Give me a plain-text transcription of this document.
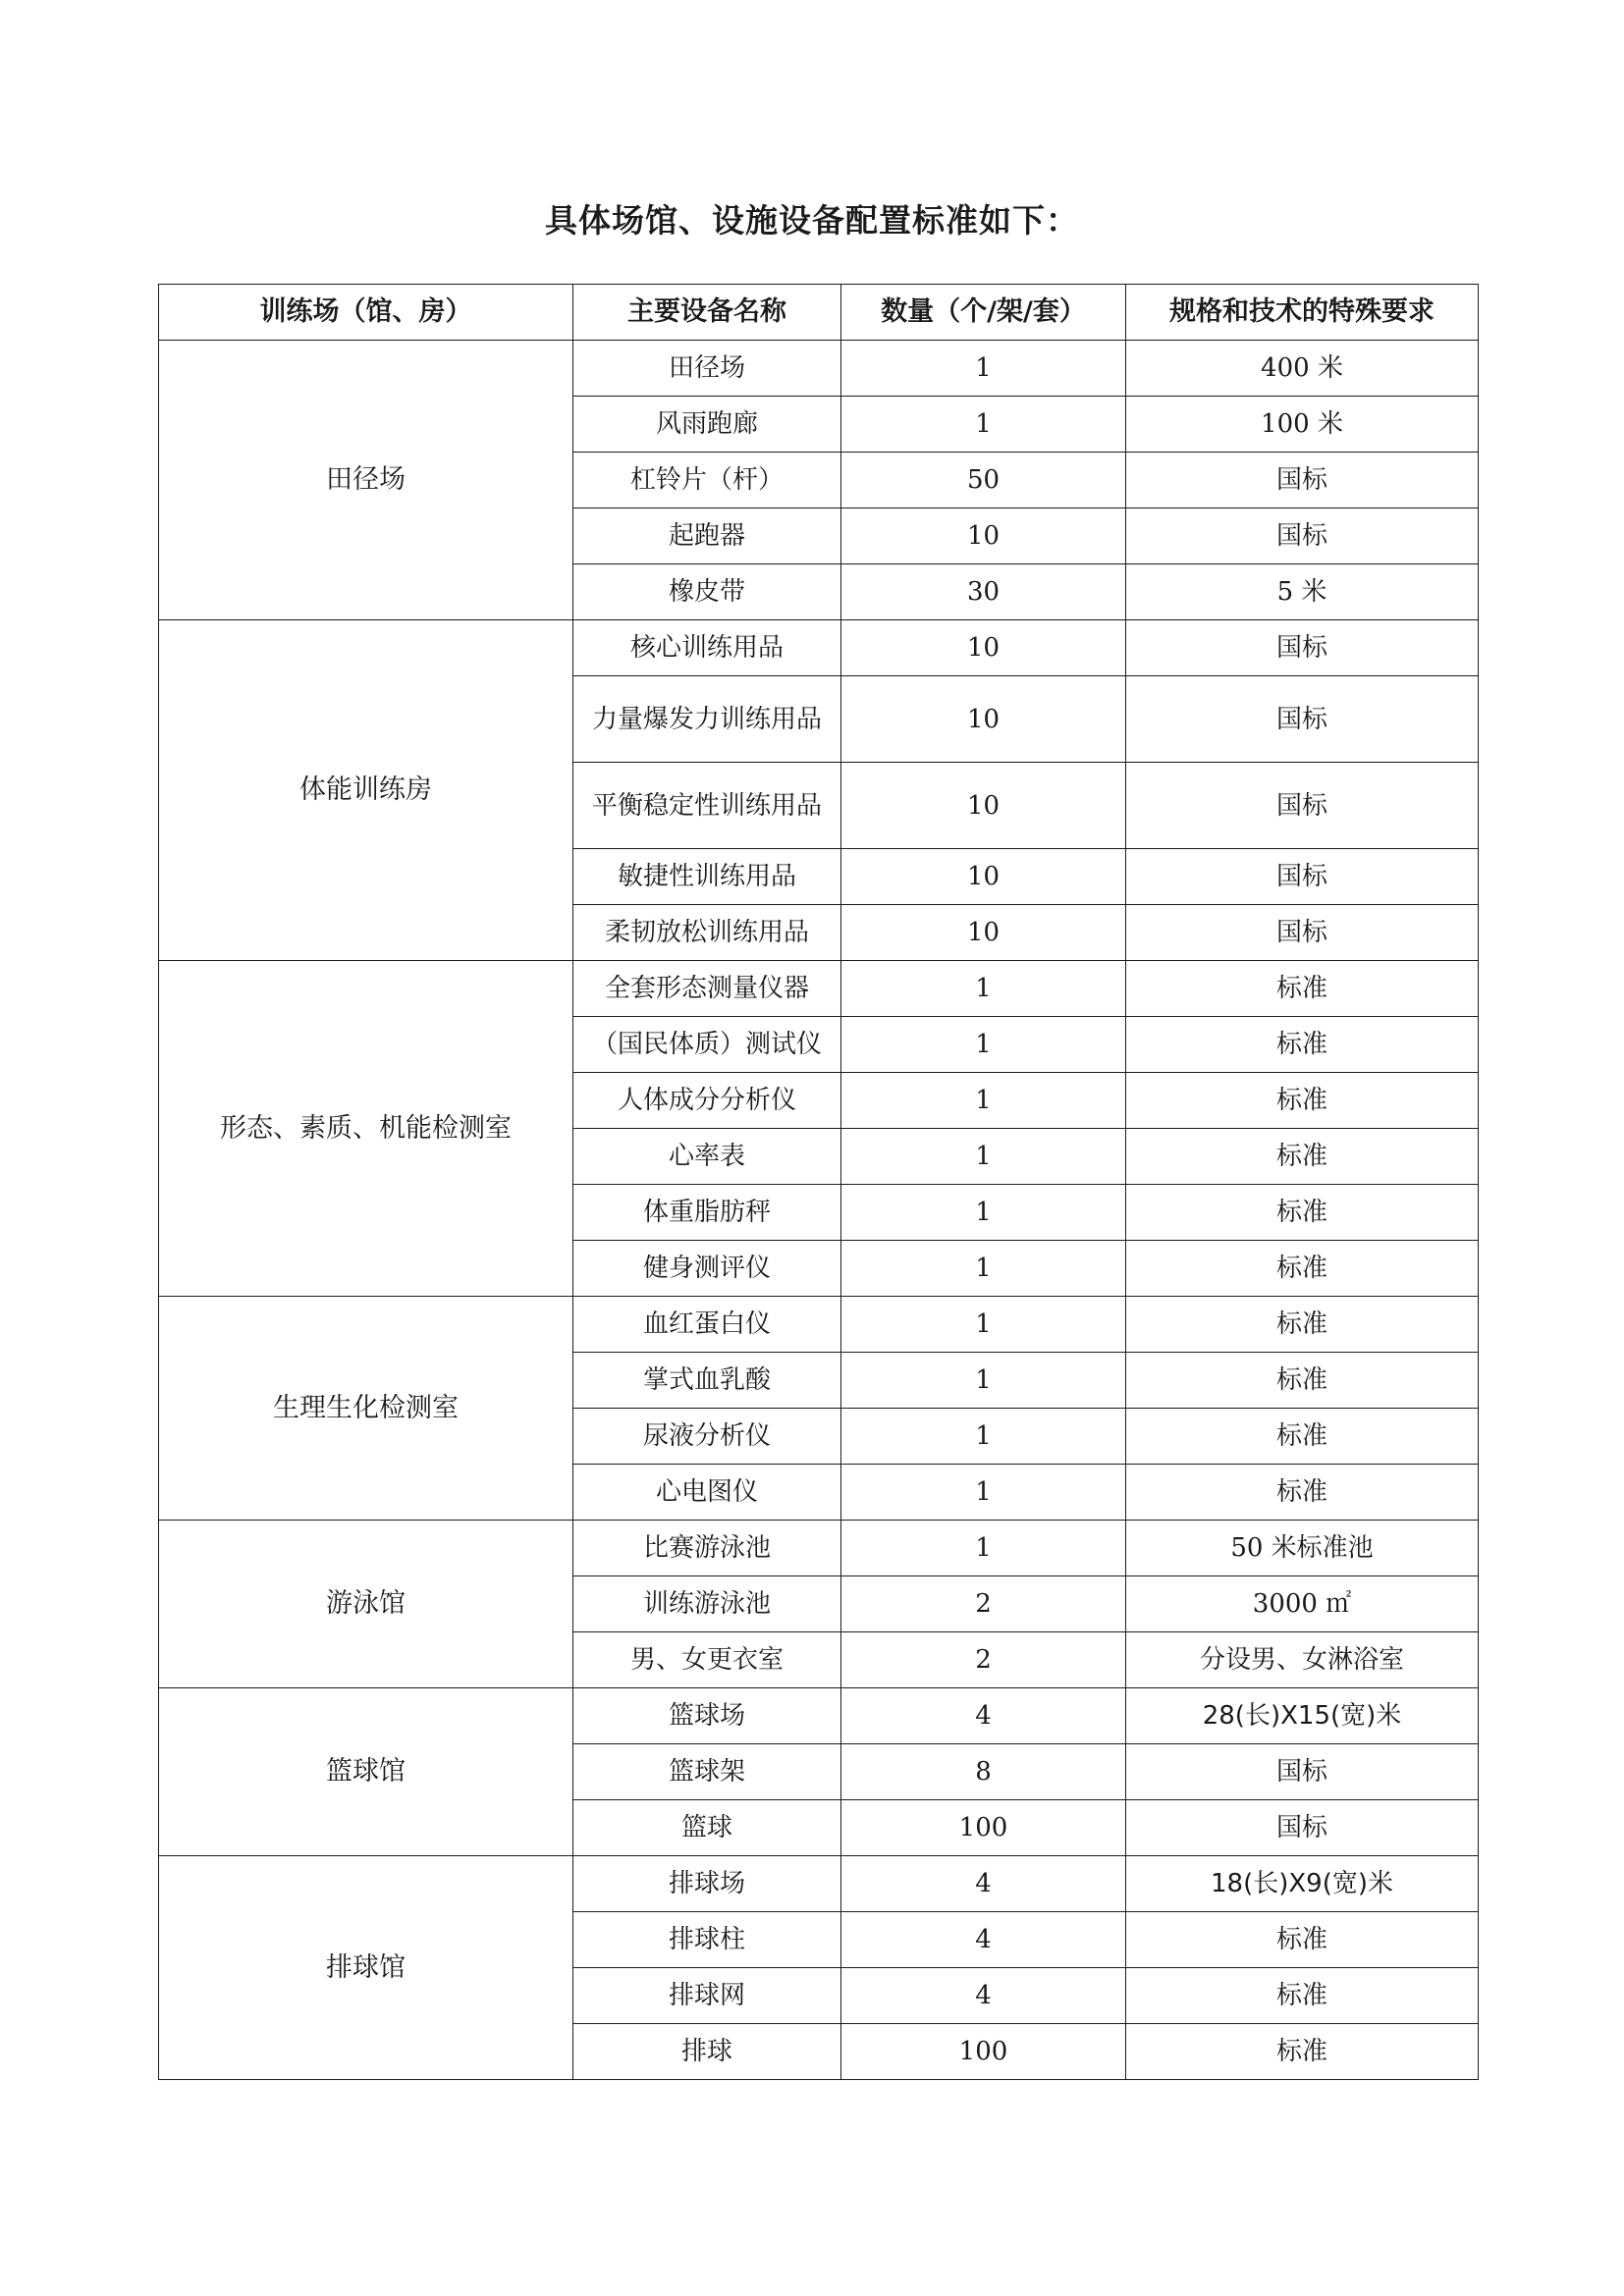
具体场馆、设施设备配置标准如下：
训练场（馆、房）	主要设备名称	数量（个/架/套）	规格和技术的特殊要求
田径场	田径场	1	400 米
	风雨跑廊	1	100 米
	杠铃片（杆）	50	国标
	起跑器	10	国标
	橡皮带	30	5 米
体能训练房	核心训练用品	10	国标
	力量爆发力训练用品	10	国标
	平衡稳定性训练用品	10	国标
	敏捷性训练用品	10	国标
	柔韧放松训练用品	10	国标
形态、素质、机能检测室	全套形态测量仪器	1	标准
	（国民体质）测试仪	1	标准
	人体成分分析仪	1	标准
	心率表	1	标准
	体重脂肪秤	1	标准
	健身测评仪	1	标准
生理生化检测室	血红蛋白仪	1	标准
	掌式血乳酸	1	标准
	尿液分析仪	1	标准
	心电图仪	1	标准
游泳馆	比赛游泳池	1	50 米标准池
	训练游泳池	2	3000 ㎡
	男、女更衣室	2	分设男、女淋浴室
篮球馆	篮球场	4	28(长)X15(宽)米
	篮球架	8	国标
	篮球	100	国标
排球馆	排球场	4	18(长)X9(宽)米
	排球柱	4	标准
	排球网	4	标准
	排球	100	标准
